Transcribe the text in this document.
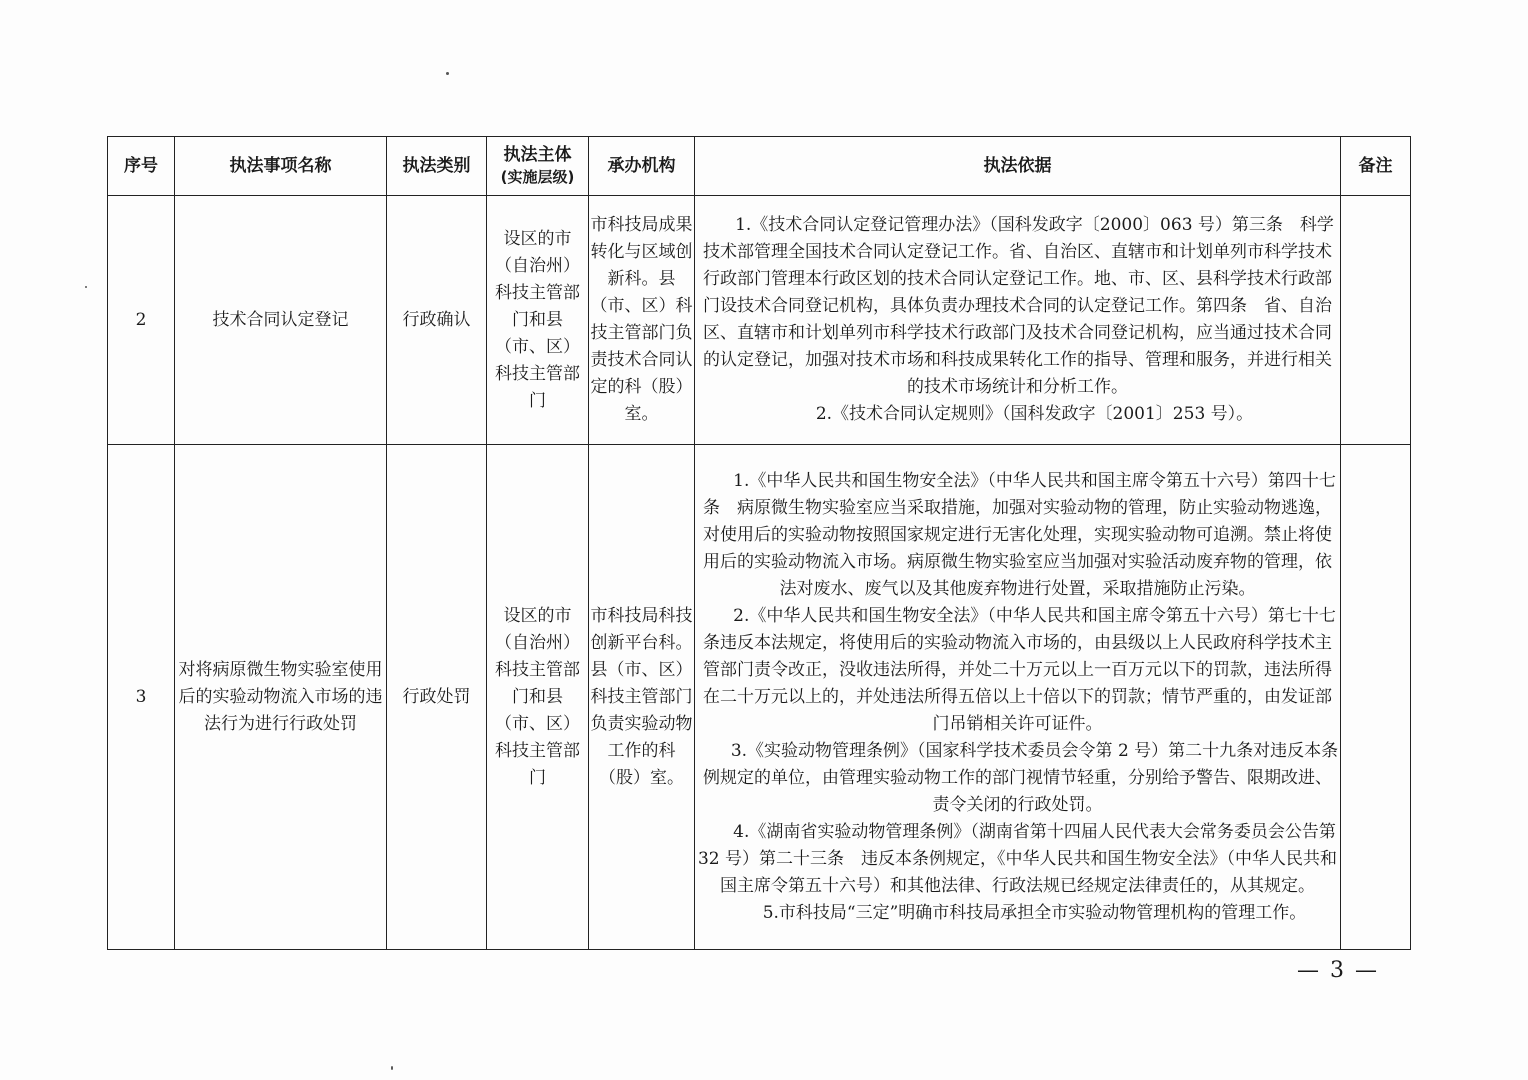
序号	执法事项名称	执法类别	执法主体
(实施层级)	承办机构	执法依据	备注
2	技术合同认定登记	行政确认	设区的市（自治州）科技主管部门和县（市、区）科技主管部门	市科技局成果转化与区域创新科。县（市、区）科技主管部门负责技术合同认定的科（股）室。	1.《技术合同认定登记管理办法》（国科发政字〔2000〕063 号）第三条　科学技术部管理全国技术合同认定登记工作。省、自治区、直辖市和计划单列市科学技术行政部门管理本行政区划的技术合同认定登记工作。地、市、区、县科学技术行政部门设技术合同登记机构，具体负责办理技术合同的认定登记工作。第四条　省、自治区、直辖市和计划单列市科学技术行政部门及技术合同登记机构，应当通过技术合同的认定登记，加强对技术市场和科技成果转化工作的指导、管理和服务，并进行相关的技术市场统计和分析工作。

2.《技术合同认定规则》（国科发政字〔2001〕253 号）。	

3	对将病原微生物实验室使用后的实验动物流入市场的违法行为进行行政处罚	行政处罚	设区的市（自治州）科技主管部门和县（市、区）科技主管部门	市科技局科技创新平台科。县（市、区）科技主管部门负责实验动物工作的科（股）室。	1.《中华人民共和国生物安全法》（中华人民共和国主席令第五十六号）第四十七条　病原微生物实验室应当采取措施，加强对实验动物的管理，防止实验动物逃逸，对使用后的实验动物按照国家规定进行无害化处理，实现实验动物可追溯。禁止将使用后的实验动物流入市场。病原微生物实验室应当加强对实验活动废弃物的管理，依法对废水、废气以及其他废弃物进行处置，采取措施防止污染。

2.《中华人民共和国生物安全法》（中华人民共和国主席令第五十六号）第七十七条违反本法规定，将使用后的实验动物流入市场的，由县级以上人民政府科学技术主管部门责令改正，没收违法所得，并处二十万元以上一百万元以下的罚款，违法所得在二十万元以上的，并处违法所得五倍以上十倍以下的罚款；情节严重的，由发证部门吊销相关许可证件。

3.《实验动物管理条例》（国家科学技术委员会令第 2 号）第二十九条对违反本条例规定的单位，由管理实验动物工作的部门视情节轻重，分别给予警告、限期改进、责令关闭的行政处罚。

4.《湖南省实验动物管理条例》（湖南省第十四届人民代表大会常务委员会公告第 32 号）第二十三条　违反本条例规定，《中华人民共和国生物安全法》（中华人民共和国主席令第五十六号）和其他法律、行政法规已经规定法律责任的，从其规定。

5.市科技局“三定”明确市科技局承担全市实验动物管理机构的管理工作。	

— 3 —
